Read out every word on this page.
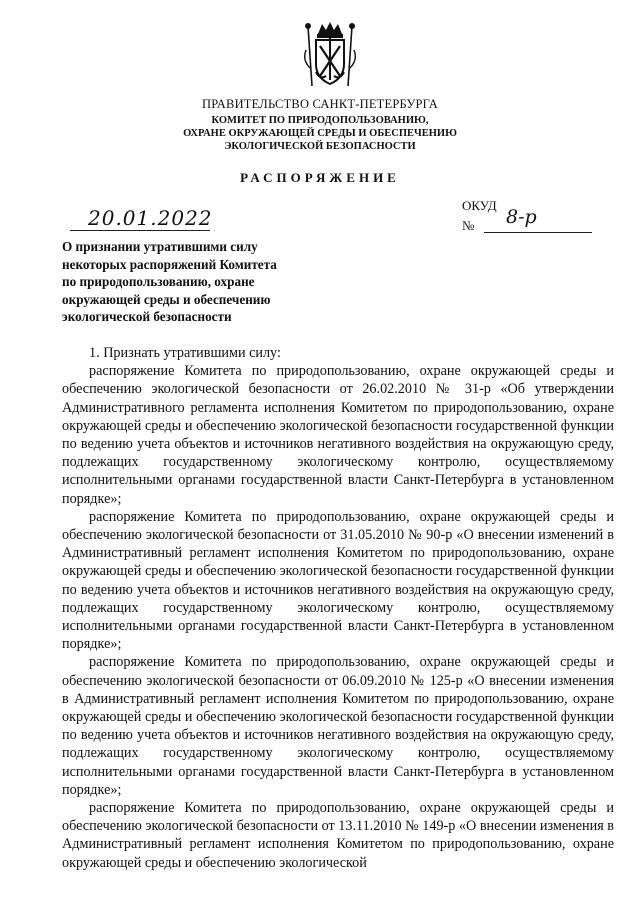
ПРАВИТЕЛЬСТВО САНКТ-ПЕТЕРБУРГА
КОМИТЕТ ПО ПРИРОДОПОЛЬЗОВАНИЮ,
ОХРАНЕ ОКРУЖАЮЩЕЙ СРЕДЫ И ОБЕСПЕЧЕНИЮ
ЭКОЛОГИЧЕСКОЙ БЕЗОПАСНОСТИ
РАСПОРЯЖЕНИЕ
20.01.2022
ОКУД
№ 8-р
О признании утратившими силу
некоторых распоряжений Комитета
по природопользованию, охране
окружающей среды и обеспечению
экологической безопасности

1. Признать утратившими силу:

распоряжение Комитета по природопользованию, охране окружающей среды и обеспечению экологической безопасности от 26.02.2010 № 31-р «Об утверждении Административного регламента исполнения Комитетом по природопользованию, охране окружающей среды и обеспечению экологической безопасности государственной функции по ведению учета объектов и источников негативного воздействия на окружающую среду, подлежащих государственному экологическому контролю, осуществляемому исполнительными органами государственной власти Санкт-Петербурга в установленном порядке»;

распоряжение Комитета по природопользованию, охране окружающей среды и обеспечению экологической безопасности от 31.05.2010 № 90-р «О внесении изменений в Административный регламент исполнения Комитетом по природопользованию, охране окружающей среды и обеспечению экологической безопасности государственной функции по ведению учета объектов и источников негативного воздействия на окружающую среду, подлежащих государственному экологическому контролю, осуществляемому исполнительными органами государственной власти Санкт-Петербурга в установленном порядке»;

распоряжение Комитета по природопользованию, охране окружающей среды и обеспечению экологической безопасности от 06.09.2010 № 125-р «О внесении изменения в Административный регламент исполнения Комитетом по природопользованию, охране окружающей среды и обеспечению экологической безопасности государственной функции по ведению учета объектов и источников негативного воздействия на окружающую среду, подлежащих государственному экологическому контролю, осуществляемому исполнительными органами государственной власти Санкт-Петербурга в установленном порядке»;

распоряжение Комитета по природопользованию, охране окружающей среды и обеспечению экологической безопасности от 13.11.2010 № 149-р «О внесении изменения в Административный регламент исполнения Комитетом по природопользованию, охране окружающей среды и обеспечению экологической
